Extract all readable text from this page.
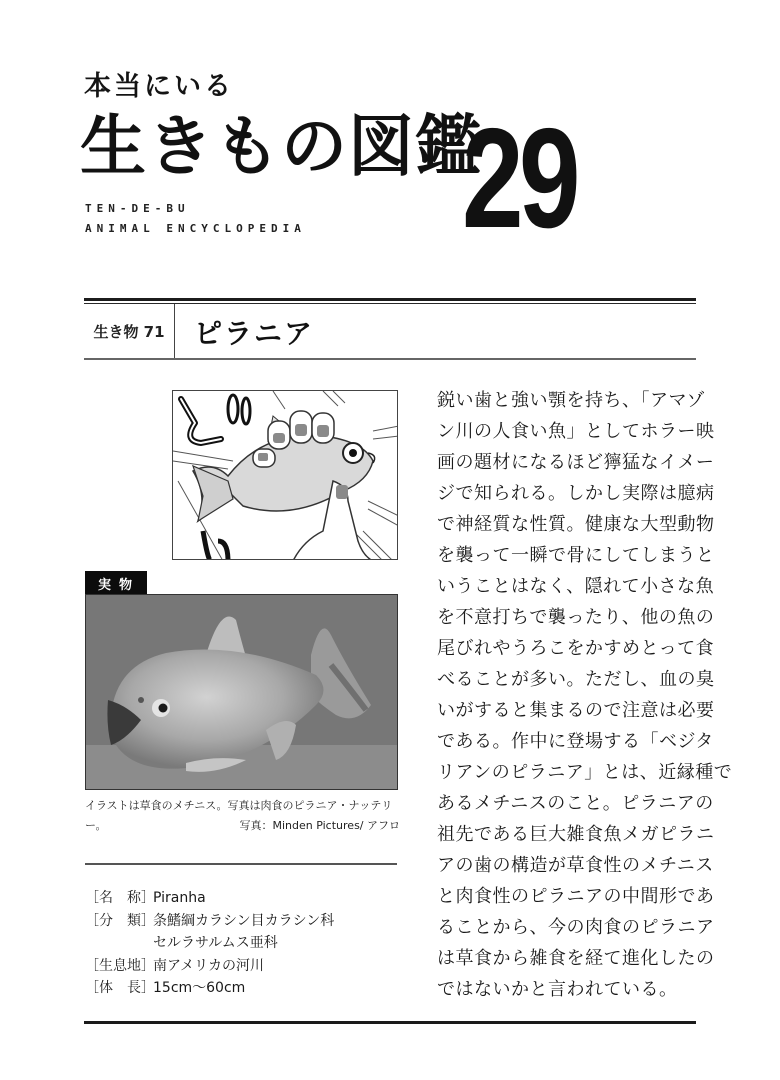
本当にいる
生きもの図鑑
29
TEN-DE-BU
ANIMAL ENCYCLOPEDIA
生き物 71	ピラニア
実物
イラストは草食のメチニス。写真は肉食のピラニア・ナッテリー。	写真：Minden Pictures/ アフロ
［名　称］
Piranha
［分　類］
条鰭綱カラシン目カラシン科
セルラサルムス亜科
［生息地］
南アメリカの河川
［体　長］
15cm～60cm
鋭い歯と強い顎を持ち、「アマゾ
ン川の人食い魚」としてホラー映
画の題材になるほど獰猛なイメー
ジで知られる。しかし実際は臆病
で神経質な性質。健康な大型動物
を襲って一瞬で骨にしてしまうと
いうことはなく、隠れて小さな魚
を不意打ちで襲ったり、他の魚の
尾びれやうろこをかすめとって食
べることが多い。ただし、血の臭
いがすると集まるので注意は必要
である。作中に登場する「ベジタ
リアンのピラニア」とは、近縁種で
あるメチニスのこと。ピラニアの
祖先である巨大雑食魚メガピラニ
アの歯の構造が草食性のメチニス
と肉食性のピラニアの中間形であ
ることから、今の肉食のピラニア
は草食から雑食を経て進化したの
ではないかと言われている。
